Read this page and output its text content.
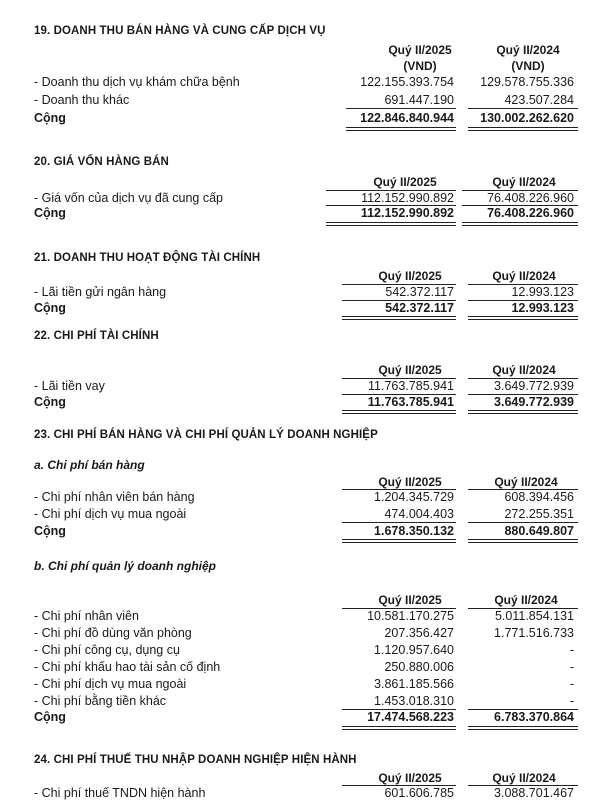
19. DOANH THU BÁN HÀNG VÀ CUNG CẤP DỊCH VỤ
Quý II/2025	Quý II/2024
(VND)	(VND)
- Doanh thu dịch vụ khám chữa bệnh	122.155.393.754	129.578.755.336
- Doanh thu khác	691.447.190	423.507.284
Cộng	122.846.840.944	130.002.262.620
20. GIÁ VỐN HÀNG BÁN
Quý II/2025	Quý II/2024
- Giá vốn của dịch vụ đã cung cấp	112.152.990.892	76.408.226.960
Cộng	112.152.990.892	76.408.226.960
21. DOANH THU HOẠT ĐỘNG TÀI CHÍNH
Quý II/2025	Quý II/2024
- Lãi tiền gửi ngân hàng	542.372.117	12.993.123
Cộng	542.372.117	12.993.123
22. CHI PHÍ TÀI CHÍNH
Quý II/2025	Quý II/2024
- Lãi tiền vay	11.763.785.941	3.649.772.939
Cộng	11.763.785.941	3.649.772.939
23. CHI PHÍ BÁN HÀNG VÀ CHI PHÍ QUẢN LÝ DOANH NGHIỆP
a. Chi phí bán hàng
Quý II/2025	Quý II/2024
- Chi phí nhân viên bán hàng	1.204.345.729	608.394.456
- Chi phí dịch vụ mua ngoài	474.004.403	272.255.351
Cộng	1.678.350.132	880.649.807
b. Chi phí quản lý doanh nghiệp
Quý II/2025	Quý II/2024
- Chi phí nhân viên	10.581.170.275	5.011.854.131
- Chi phí đồ dùng văn phòng	207.356.427	1.771.516.733
- Chi phí công cụ, dụng cụ	1.120.957.640	-
- Chi phí khấu hao tài sản cố định	250.880.006	-
- Chi phí dịch vụ mua ngoài	3.861.185.566	-
- Chi phí bằng tiền khác	1.453.018.310	-
Cộng	17.474.568.223	6.783.370.864
24. CHI PHÍ THUẾ THU NHẬP DOANH NGHIỆP HIỆN HÀNH
Quý II/2025	Quý II/2024
- Chi phí thuế TNDN hiện hành	601.606.785	3.088.701.467
